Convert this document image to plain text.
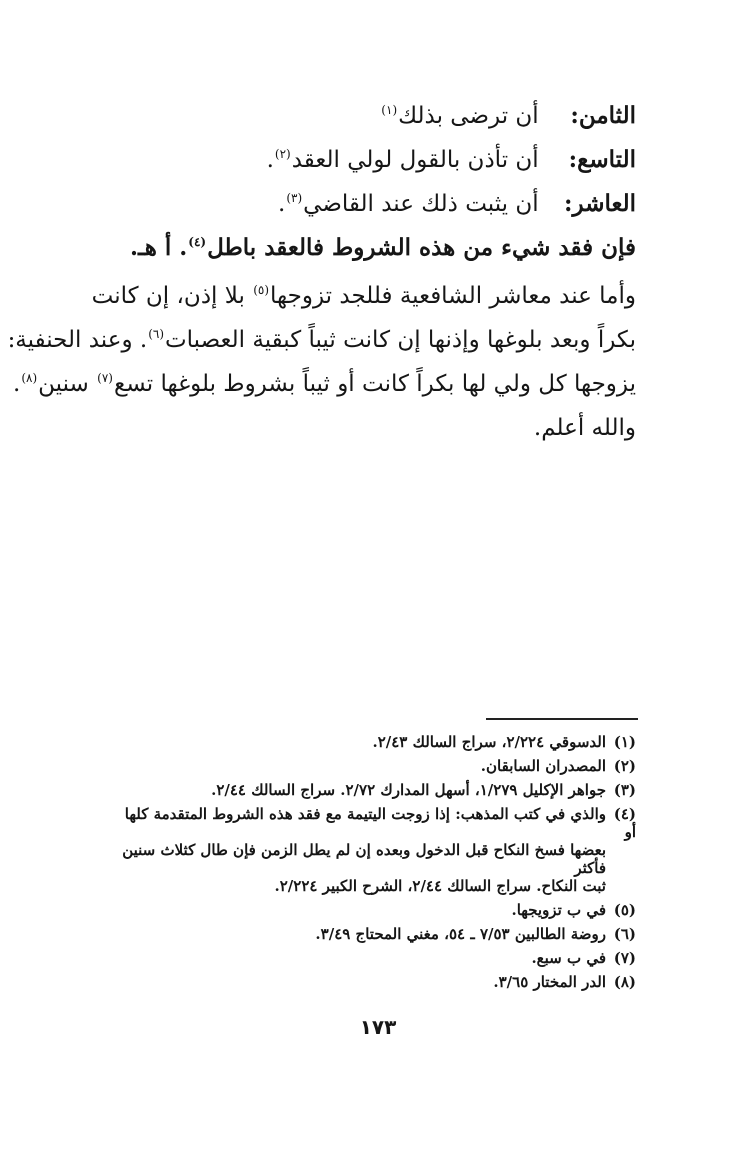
الثامن: أن ترضى بذلك$^{(١)}$
التاسع: أن تأذن بالقول لولي العقد$^{(٢)}$.
العاشر: أن يثبت ذلك عند القاضي$^{(٣)}$.
فإن فقد شيء من هذه الشروط فالعقد باطل$^{(٤)}$. أ هـ.
وأما عند معاشر الشافعية فللجد تزوجها$^{(٥)}$ بلا إذن، إن كانت
بكراً وبعد بلوغها وإذنها إن كانت ثيباً كبقية العصبات$^{(٦)}$. وعند الحنفية:
يزوجها كل ولي لها بكراً كانت أو ثيباً بشروط بلوغها تسع$^{(٧)}$ سنين$^{(٨)}$.
والله أعلم.
(١)الدسوقي ٢/٢٢٤، سراج السالك ٢/٤٣.
(٢)المصدران السابقان.
(٣)جواهر الإكليل ١/٢٧٩، أسهل المدارك ٢/٧٢. سراج السالك ٢/٤٤.
(٤)والذي في كتب المذهب: إذا زوجت اليتيمة مع فقد هذه الشروط المتقدمة كلها أو
بعضها فسخ النكاح قبل الدخول وبعده إن لم يطل الزمن فإن طال كثلاث سنين فأكثر
ثبت النكاح. سراج السالك ٢/٤٤، الشرح الكبير ٢/٢٢٤.
(٥)في ب تزويجها.
(٦)روضة الطالبين ٧/٥٣ ـ ٥٤، مغني المحتاج ٣/٤٩.
(٧)في ب سبع.
(٨)الدر المختار ٣/٦٥.
١٧٣
